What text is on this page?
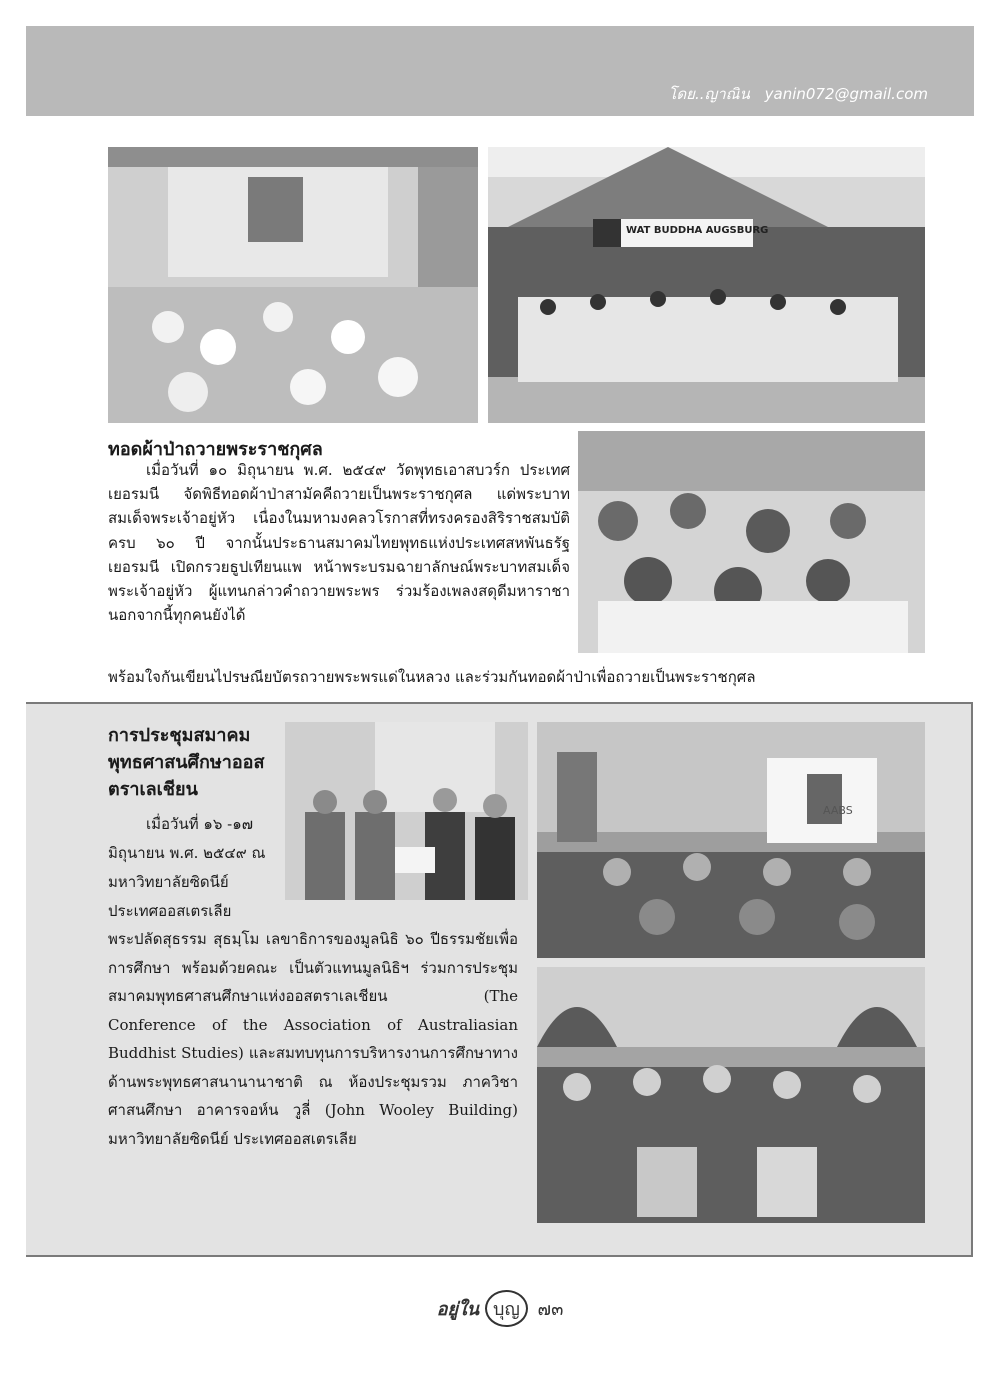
โดย..ญาณิน yanin072@gmail.com
WAT BUDDHA AUGSBURG
ทอดผ้าป่าถวายพระราชกุศล
เมื่อวันที่ ๑๐ มิถุนายน พ.ศ. ๒๕๔๙ วัดพุทธเอาสบวร์ก ประเทศเยอรมนี จัดพิธีทอดผ้าป่าสามัคคีถวายเป็นพระราชกุศล แด่พระบาทสมเด็จพระเจ้าอยู่หัว เนื่องในมหามงคลวโรกาสที่ทรงครองสิริราชสมบัติครบ ๖๐ ปี จากนั้นประธานสมาคมไทยพุทธแห่งประเทศสหพันธรัฐเยอรมนี เปิดกรวยธูปเทียนแพ หน้าพระบรมฉายาลักษณ์พระบาทสมเด็จพระเจ้าอยู่หัว ผู้แทนกล่าวคำถวายพระพร ร่วมร้องเพลงสดุดีมหาราชา นอกจากนี้ทุกคนยังได้
พร้อมใจกันเขียนไปรษณียบัตรถวายพระพรแด่ในหลวง และร่วมกันทอดผ้าป่าเพื่อถวายเป็นพระราชกุศล
การประชุมสมาคมพุทธศาสนศึกษาออสตราเลเชียน
เมื่อวันที่ ๑๖ -๑๗ มิถุนายน พ.ศ. ๒๕๔๙ ณ มหาวิทยาลัยซิดนีย์ ประเทศออสเตรเลีย
AABS
พระปลัดสุธรรม สุธมฺโม เลขาธิการของมูลนิธิ ๖๐ ปีธรรมชัยเพื่อการศึกษา พร้อมด้วยคณะ เป็นตัวแทนมูลนิธิฯ ร่วมการประชุมสมาคมพุทธศาสนศึกษาแห่งออสตราเลเชียน (The Conference of the Association of Australiasian Buddhist Studies) และสมทบทุนการบริหารงานการศึกษาทางด้านพระพุทธศาสนานานาชาติ ณ ห้องประชุมรวม ภาควิชาศาสนศึกษา อาคารจอห์น วูลี่ (John Wooley Building) มหาวิทยาลัยซิดนีย์ ประเทศออสเตรเลีย
อยู่ใน บุญ ๗๓
